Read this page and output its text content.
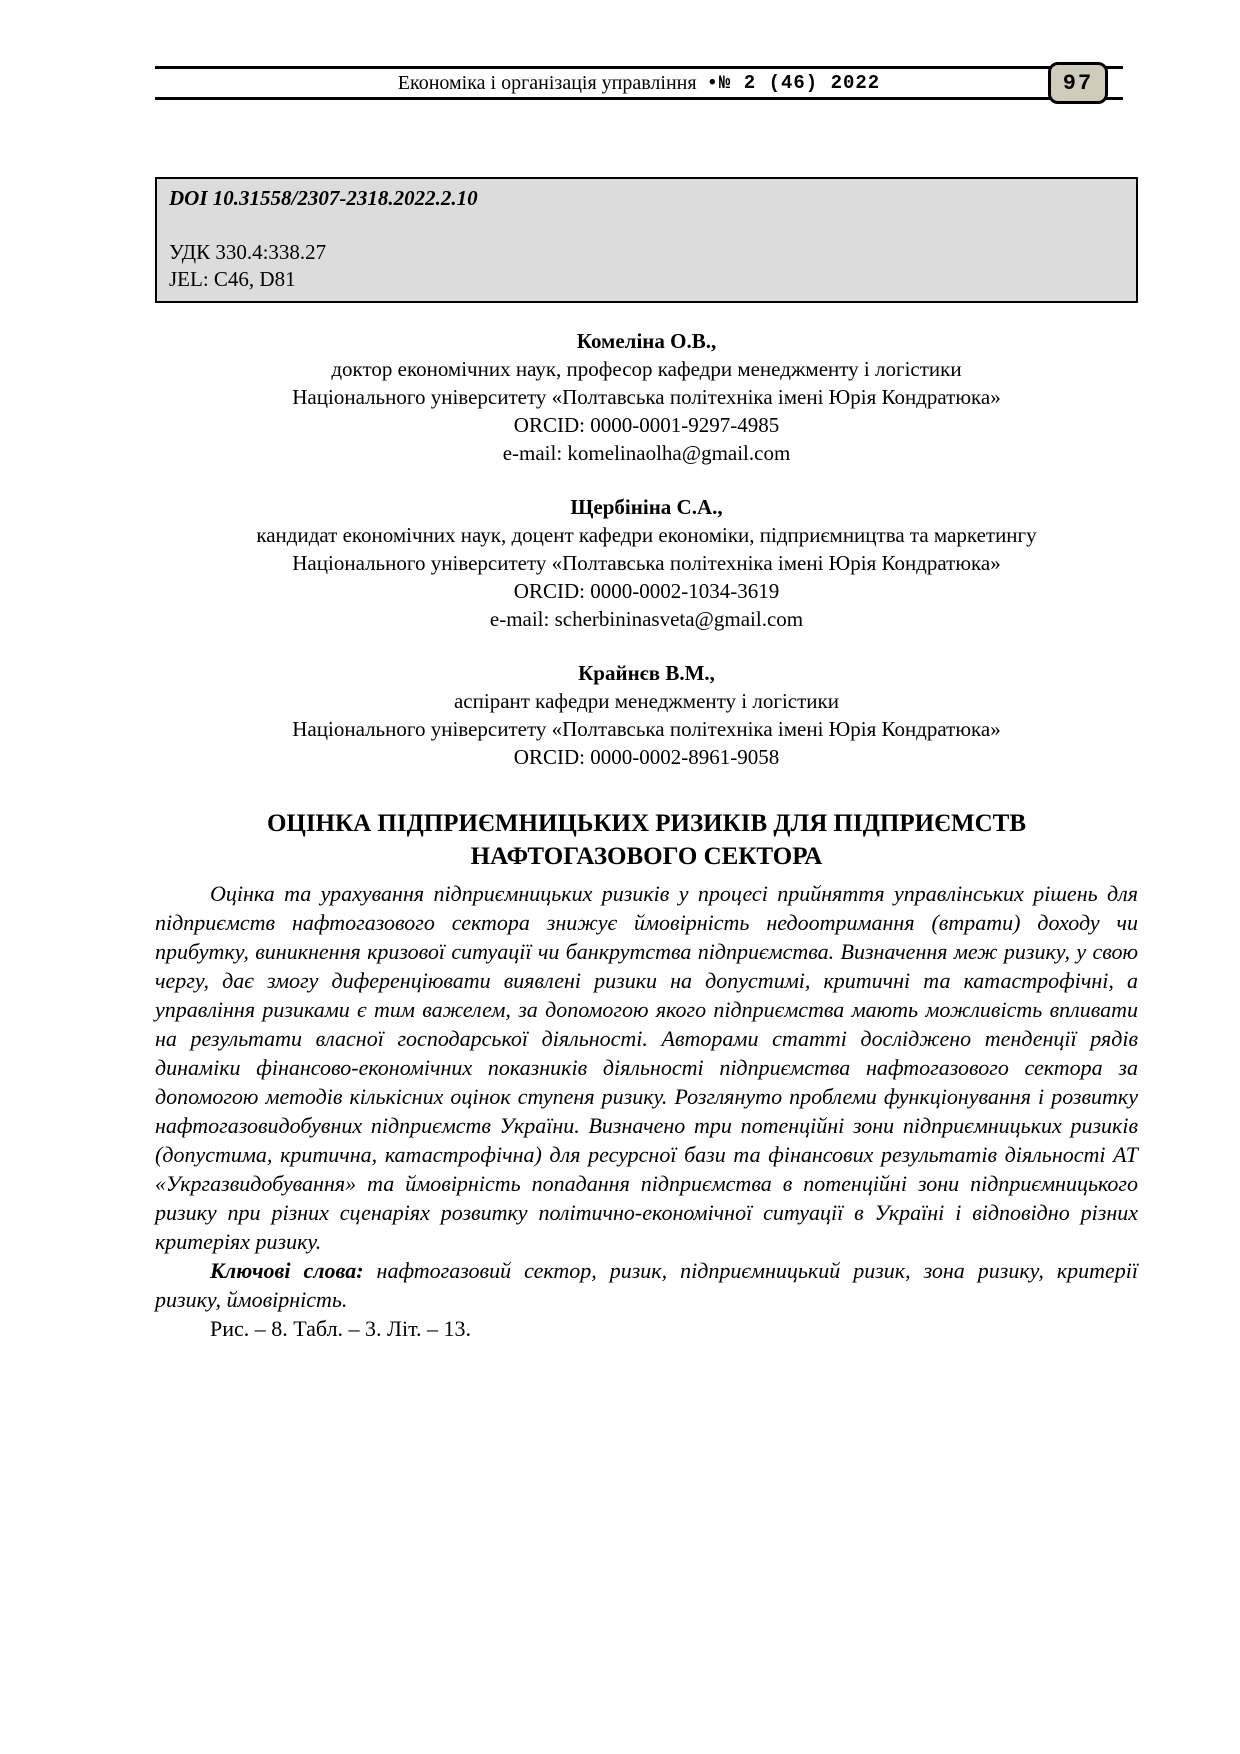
Економіка і організація управління •№ 2 (46) 2022	97
DOI 10.31558/2307-2318.2022.2.10
УДК 330.4:338.27
JEL: C46, D81
Комеліна О.В.,
доктор економічних наук, професор кафедри менеджменту і логістики
Національного університету «Полтавська політехніка імені Юрія Кондратюка»
ORCID: 0000-0001-9297-4985
e-mail: komelinaolha@gmail.com
Щербініна С.А.,
кандидат економічних наук, доцент кафедри економіки, підприємництва та маркетингу
Національного університету «Полтавська політехніка імені Юрія Кондратюка»
ORCID: 0000-0002-1034-3619
e-mail: scherbininasveta@gmail.com
Крайнєв В.М.,
аспірант кафедри менеджменту і логістики
Національного університету «Полтавська політехніка імені Юрія Кондратюка»
ORCID: 0000-0002-8961-9058
ОЦІНКА ПІДПРИЄМНИЦЬКИХ РИЗИКІВ ДЛЯ ПІДПРИЄМСТВ
НАФТОГАЗОВОГО СЕКТОРА

Оцінка та урахування підприємницьких ризиків у процесі прийняття управлінських рішень для підприємств нафтогазового сектора знижує ймовірність недоотримання (втрати) доходу чи прибутку, виникнення кризової ситуації чи банкрутства підприємства. Визначення меж ризику, у свою чергу, дає змогу диференціювати виявлені ризики на допустимі, критичні та катастрофічні, а управління ризиками є тим важелем, за допомогою якого підприємства мають можливість впливати на результати власної господарської діяльності. Авторами статті досліджено тенденції рядів динаміки фінансово-економічних показників діяльності підприємства нафтогазового сектора за допомогою методів кількісних оцінок ступеня ризику. Розглянуто проблеми функціонування і розвитку нафтогазовидобувних підприємств України. Визначено три потенційні зони підприємницьких ризиків (допустима, критична, катастрофічна) для ресурсної бази та фінансових результатів діяльності АТ «Укргазвидобування» та ймовірність попадання підприємства в потенційні зони підприємницького ризику при різних сценаріях розвитку політично-економічної ситуації в Україні і відповідно різних критеріях ризику.

Ключові слова: нафтогазовий сектор, ризик, підприємницький ризик, зона ризику, критерії ризику, ймовірність.

Рис. – 8. Табл. – 3. Літ. – 13.
